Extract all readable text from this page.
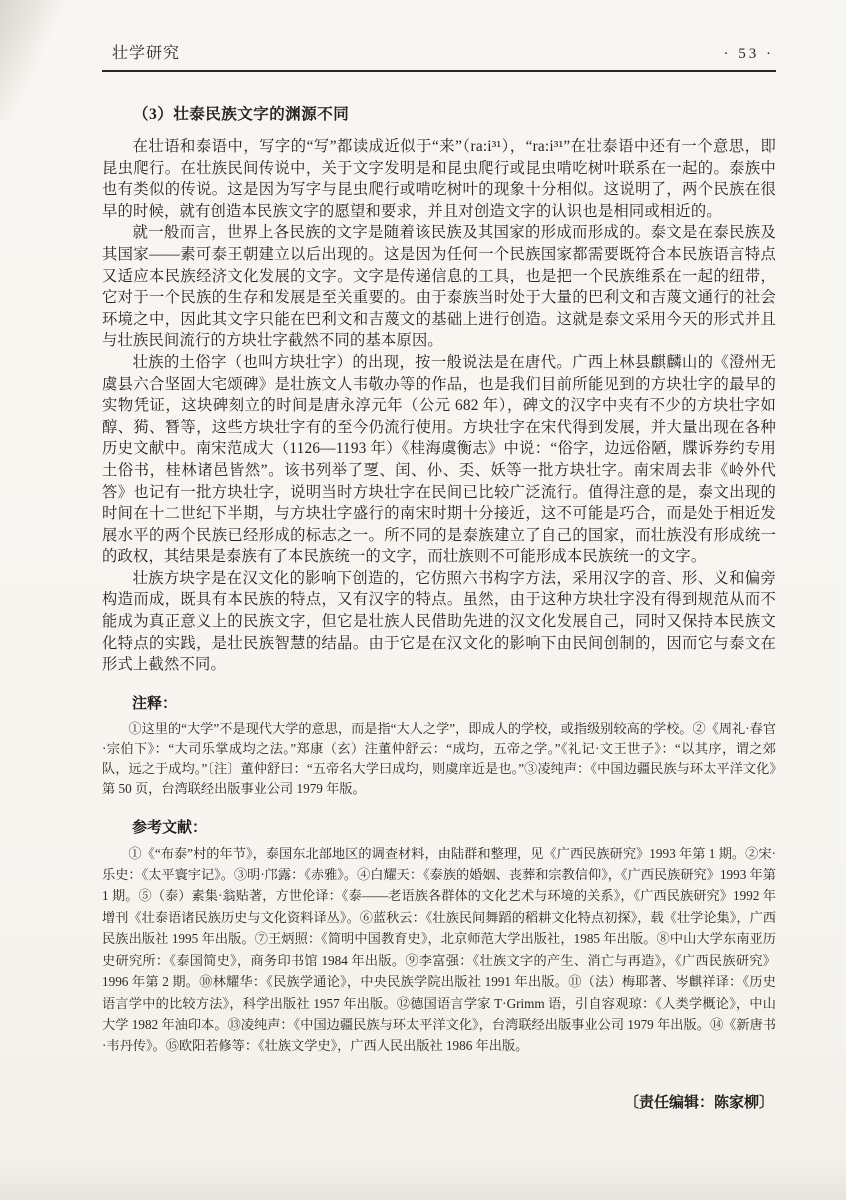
壮学研究	· 53 ·
（3）壮泰民族文字的渊源不同

在壮语和泰语中，写字的“写”都读成近似于“来”（ra:i³¹），“ra:i³¹”在壮泰语中还有一个意思，即昆虫爬行。在壮族民间传说中，关于文字发明是和昆虫爬行或昆虫啃吃树叶联系在一起的。泰族中也有类似的传说。这是因为写字与昆虫爬行或啃吃树叶的现象十分相似。这说明了，两个民族在很早的时候，就有创造本民族文字的愿望和要求，并且对创造文字的认识也是相同或相近的。

就一般而言，世界上各民族的文字是随着该民族及其国家的形成而形成的。泰文是在泰民族及其国家——素可泰王朝建立以后出现的。这是因为任何一个民族国家都需要既符合本民族语言特点又适应本民族经济文化发展的文字。文字是传递信息的工具，也是把一个民族维系在一起的纽带，它对于一个民族的生存和发展是至关重要的。由于泰族当时处于大量的巴利文和吉蔑文通行的社会环境之中，因此其文字只能在巴利文和吉蔑文的基础上进行创造。这就是泰文采用今天的形式并且与壮族民间流行的方块壮字截然不同的基本原因。

壮族的土俗字（也叫方块壮字）的出现，按一般说法是在唐代。广西上林县麒麟山的《澄州无虞县六合坚固大宅颂碑》是壮族文人韦敬办等的作品，也是我们目前所能见到的方块壮字的最早的实物凭证，这块碑刻立的时间是唐永淳元年（公元 682 年），碑文的汉字中夹有不少的方块壮字如醇、㺃、朁等，这些方块壮字有的至今仍流行使用。方块壮字在宋代得到发展，并大量出现在各种历史文献中。南宋范成大（1126—1193 年）《桂海虞衡志》中说：“俗字，边远俗陋，牒诉券约专用土俗书，桂林诸邑皆然”。该书列举了覂、闰、仦、奀、妖等一批方块壮字。南宋周去非《岭外代答》也记有一批方块壮字，说明当时方块壮字在民间已比较广泛流行。值得注意的是，泰文出现的时间在十二世纪下半期，与方块壮字盛行的南宋时期十分接近，这不可能是巧合，而是处于相近发展水平的两个民族已经形成的标志之一。所不同的是泰族建立了自己的国家，而壮族没有形成统一的政权，其结果是泰族有了本民族统一的文字，而壮族则不可能形成本民族统一的文字。

壮族方块字是在汉文化的影响下创造的，它仿照六书构字方法，采用汉字的音、形、义和偏旁构造而成，既具有本民族的特点，又有汉字的特点。虽然，由于这种方块壮字没有得到规范从而不能成为真正意义上的民族文字，但它是壮族人民借助先进的汉文化发展自己，同时又保持本民族文化特点的实践，是壮民族智慧的结晶。由于它是在汉文化的影响下由民间创制的，因而它与泰文在形式上截然不同。

注释：

①这里的“大学”不是现代大学的意思，而是指“大人之学”，即成人的学校，或指级别较高的学校。②《周礼·春官·宗伯下》：“大司乐掌成均之法。”郑康（玄）注董仲舒云：“成均，五帝之学。”《礼记·文王世子》：“以其序，谓之郊队，远之于成均。”〔注〕董仲舒曰：“五帝名大学曰成均，则虞庠近是也。”③凌纯声：《中国边疆民族与环太平洋文化》第 50 页，台湾联经出版事业公司 1979 年版。

参考文献：

①《“布泰”村的年节》，泰国东北部地区的调查材料，由陆群和整理，见《广西民族研究》1993 年第 1 期。②宋·乐史：《太平寰宇记》。③明·邝露：《赤雅》。④白耀天：《泰族的婚姻、丧葬和宗教信仰》，《广西民族研究》1993 年第 1 期。⑤（泰）素集·翁贴著，方世伦译：《泰——老语族各群体的文化艺术与环境的关系》，《广西民族研究》1992 年增刊《壮泰语诸民族历史与文化资料译丛》。⑥蓝秋云：《壮族民间舞蹈的稻耕文化特点初探》，载《壮学论集》，广西民族出版社 1995 年出版。⑦王炳照：《简明中国教育史》，北京师范大学出版社，1985 年出版。⑧中山大学东南亚历史研究所：《泰国简史》，商务印书馆 1984 年出版。⑨李富强：《壮族文字的产生、消亡与再造》，《广西民族研究》1996 年第 2 期。⑩林耀华：《民族学通论》，中央民族学院出版社 1991 年出版。⑪（法）梅耶著、岑麒祥译：《历史语言学中的比较方法》，科学出版社 1957 年出版。⑫德国语言学家 T·Grimm 语，引自容观琼：《人类学概论》，中山大学 1982 年油印本。⑬凌纯声：《中国边疆民族与环太平洋文化》，台湾联经出版事业公司 1979 年出版。⑭《新唐书·韦丹传》。⑮欧阳若修等：《壮族文学史》，广西人民出版社 1986 年出版。

〔责任编辑：陈家柳〕
